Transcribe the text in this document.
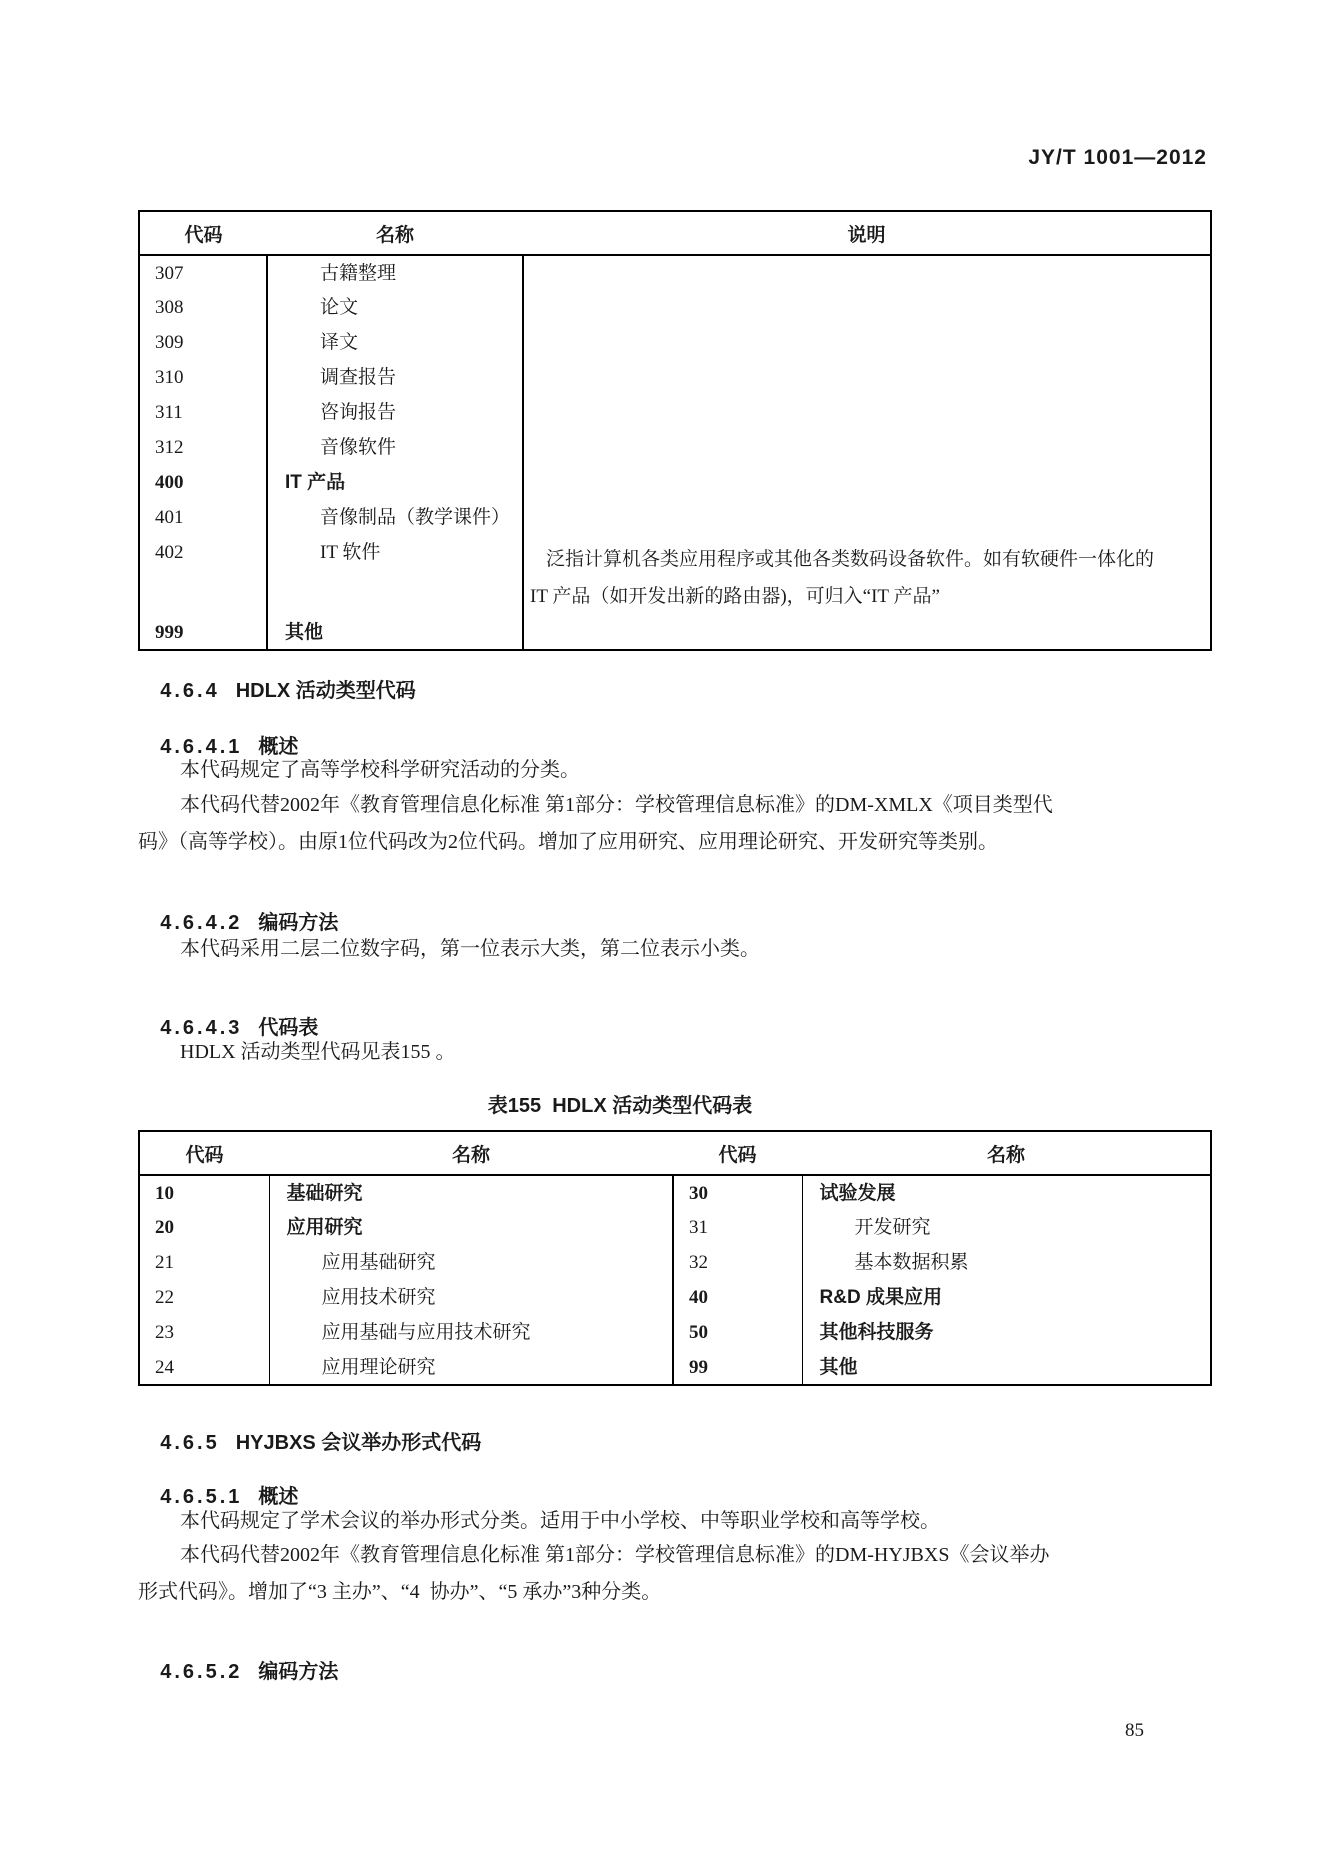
JY/T 1001—2012
代码	名称	说明
307	古籍整理	
308	论文	
309	译文	
310	调查报告	
311	咨询报告	
312	音像软件	
400	IT 产品	
401	音像制品（教学课件）	
402	IT 软件	泛指计算机各类应用程序或其他各类数码设备软件。如有软硬件一体化的
IT 产品（如开发出新的路由器)，可归入“IT 产品”

999	其他	

4.6.4 HDLX 活动类型代码

4.6.4.1 概述

本代码规定了高等学校科学研究活动的分类。
本代码代替2002年《教育管理信息化标准 第1部分：学校管理信息标准》的DM-XMLX《项目类型代
码》（高等学校）。由原1位代码改为2位代码。增加了应用研究、应用理论研究、开发研究等类别。

4.6.4.2 编码方法

本代码采用二层二位数字码，第一位表示大类，第二位表示小类。

4.6.4.3 代码表

HDLX 活动类型代码见表155 。
表155  HDLX 活动类型代码表
代码	名称	代码	名称
10	基础研究	30	试验发展
20	应用研究	31	开发研究
21	应用基础研究	32	基本数据积累
22	应用技术研究	40	R&D 成果应用
23	应用基础与应用技术研究	50	其他科技服务
24	应用理论研究	99	其他

4.6.5 HYJBXS 会议举办形式代码

4.6.5.1 概述

本代码规定了学术会议的举办形式分类。适用于中小学校、中等职业学校和高等学校。
本代码代替2002年《教育管理信息化标准 第1部分：学校管理信息标准》的DM-HYJBXS《会议举办
形式代码》。增加了“3 主办”、“4  协办”、“5 承办”3种分类。

4.6.5.2 编码方法

85
